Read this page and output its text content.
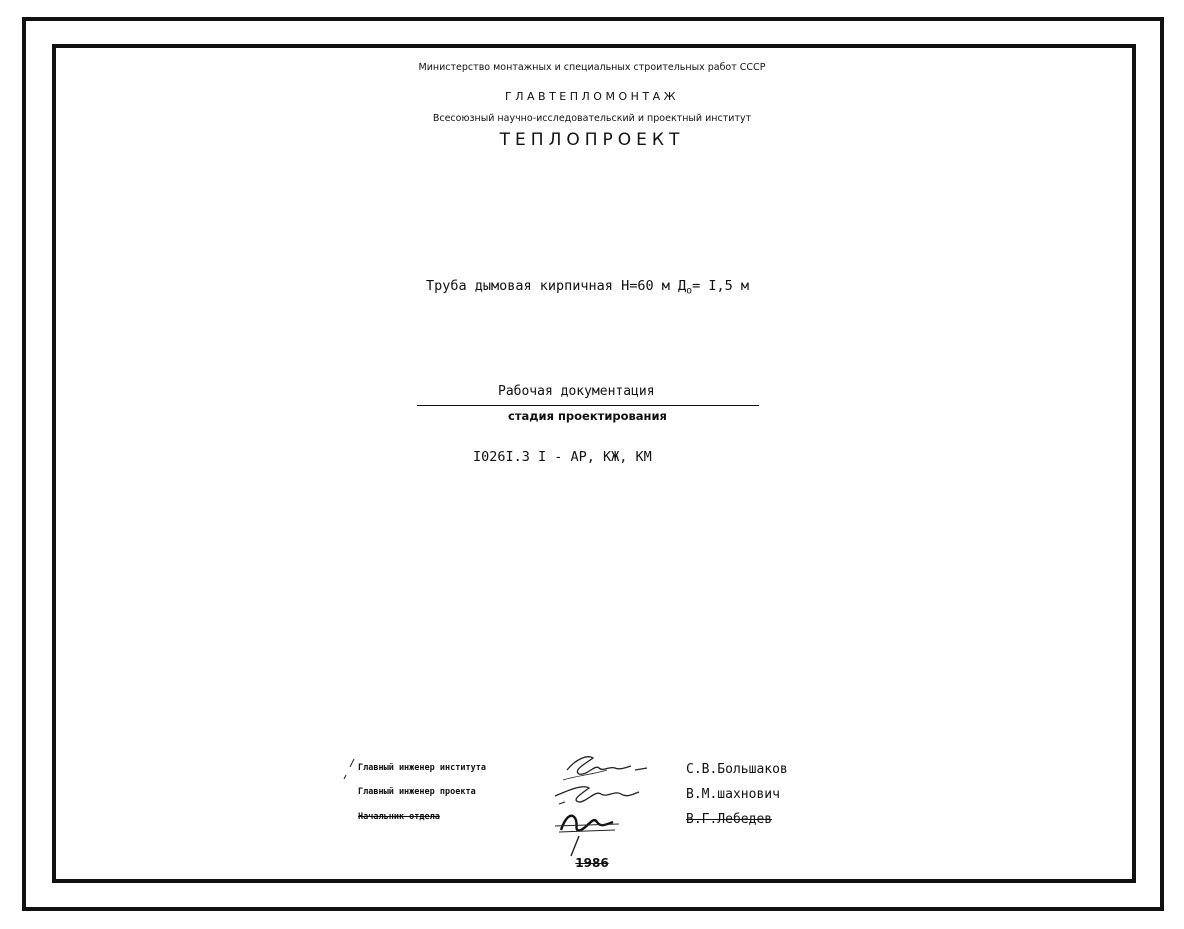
Министерство монтажных и специальных строительных работ СССР
ГЛАВТЕПЛОМОНТАЖ
Всесоюзный научно-исследовательский и проектный институт
ТЕПЛОПРОЕКТ
Труба дымовая кирпичная Н=60 м $Д_о= I,5$ м
Рабочая документация
стадия проектирования
I026I.3 I - АР, КЖ, КМ
Главный инженер института
Главный инженер проекта
Начальник отдела
С.В.Большаков
В.М.шахнович
В.Г.Лебедев
1986
